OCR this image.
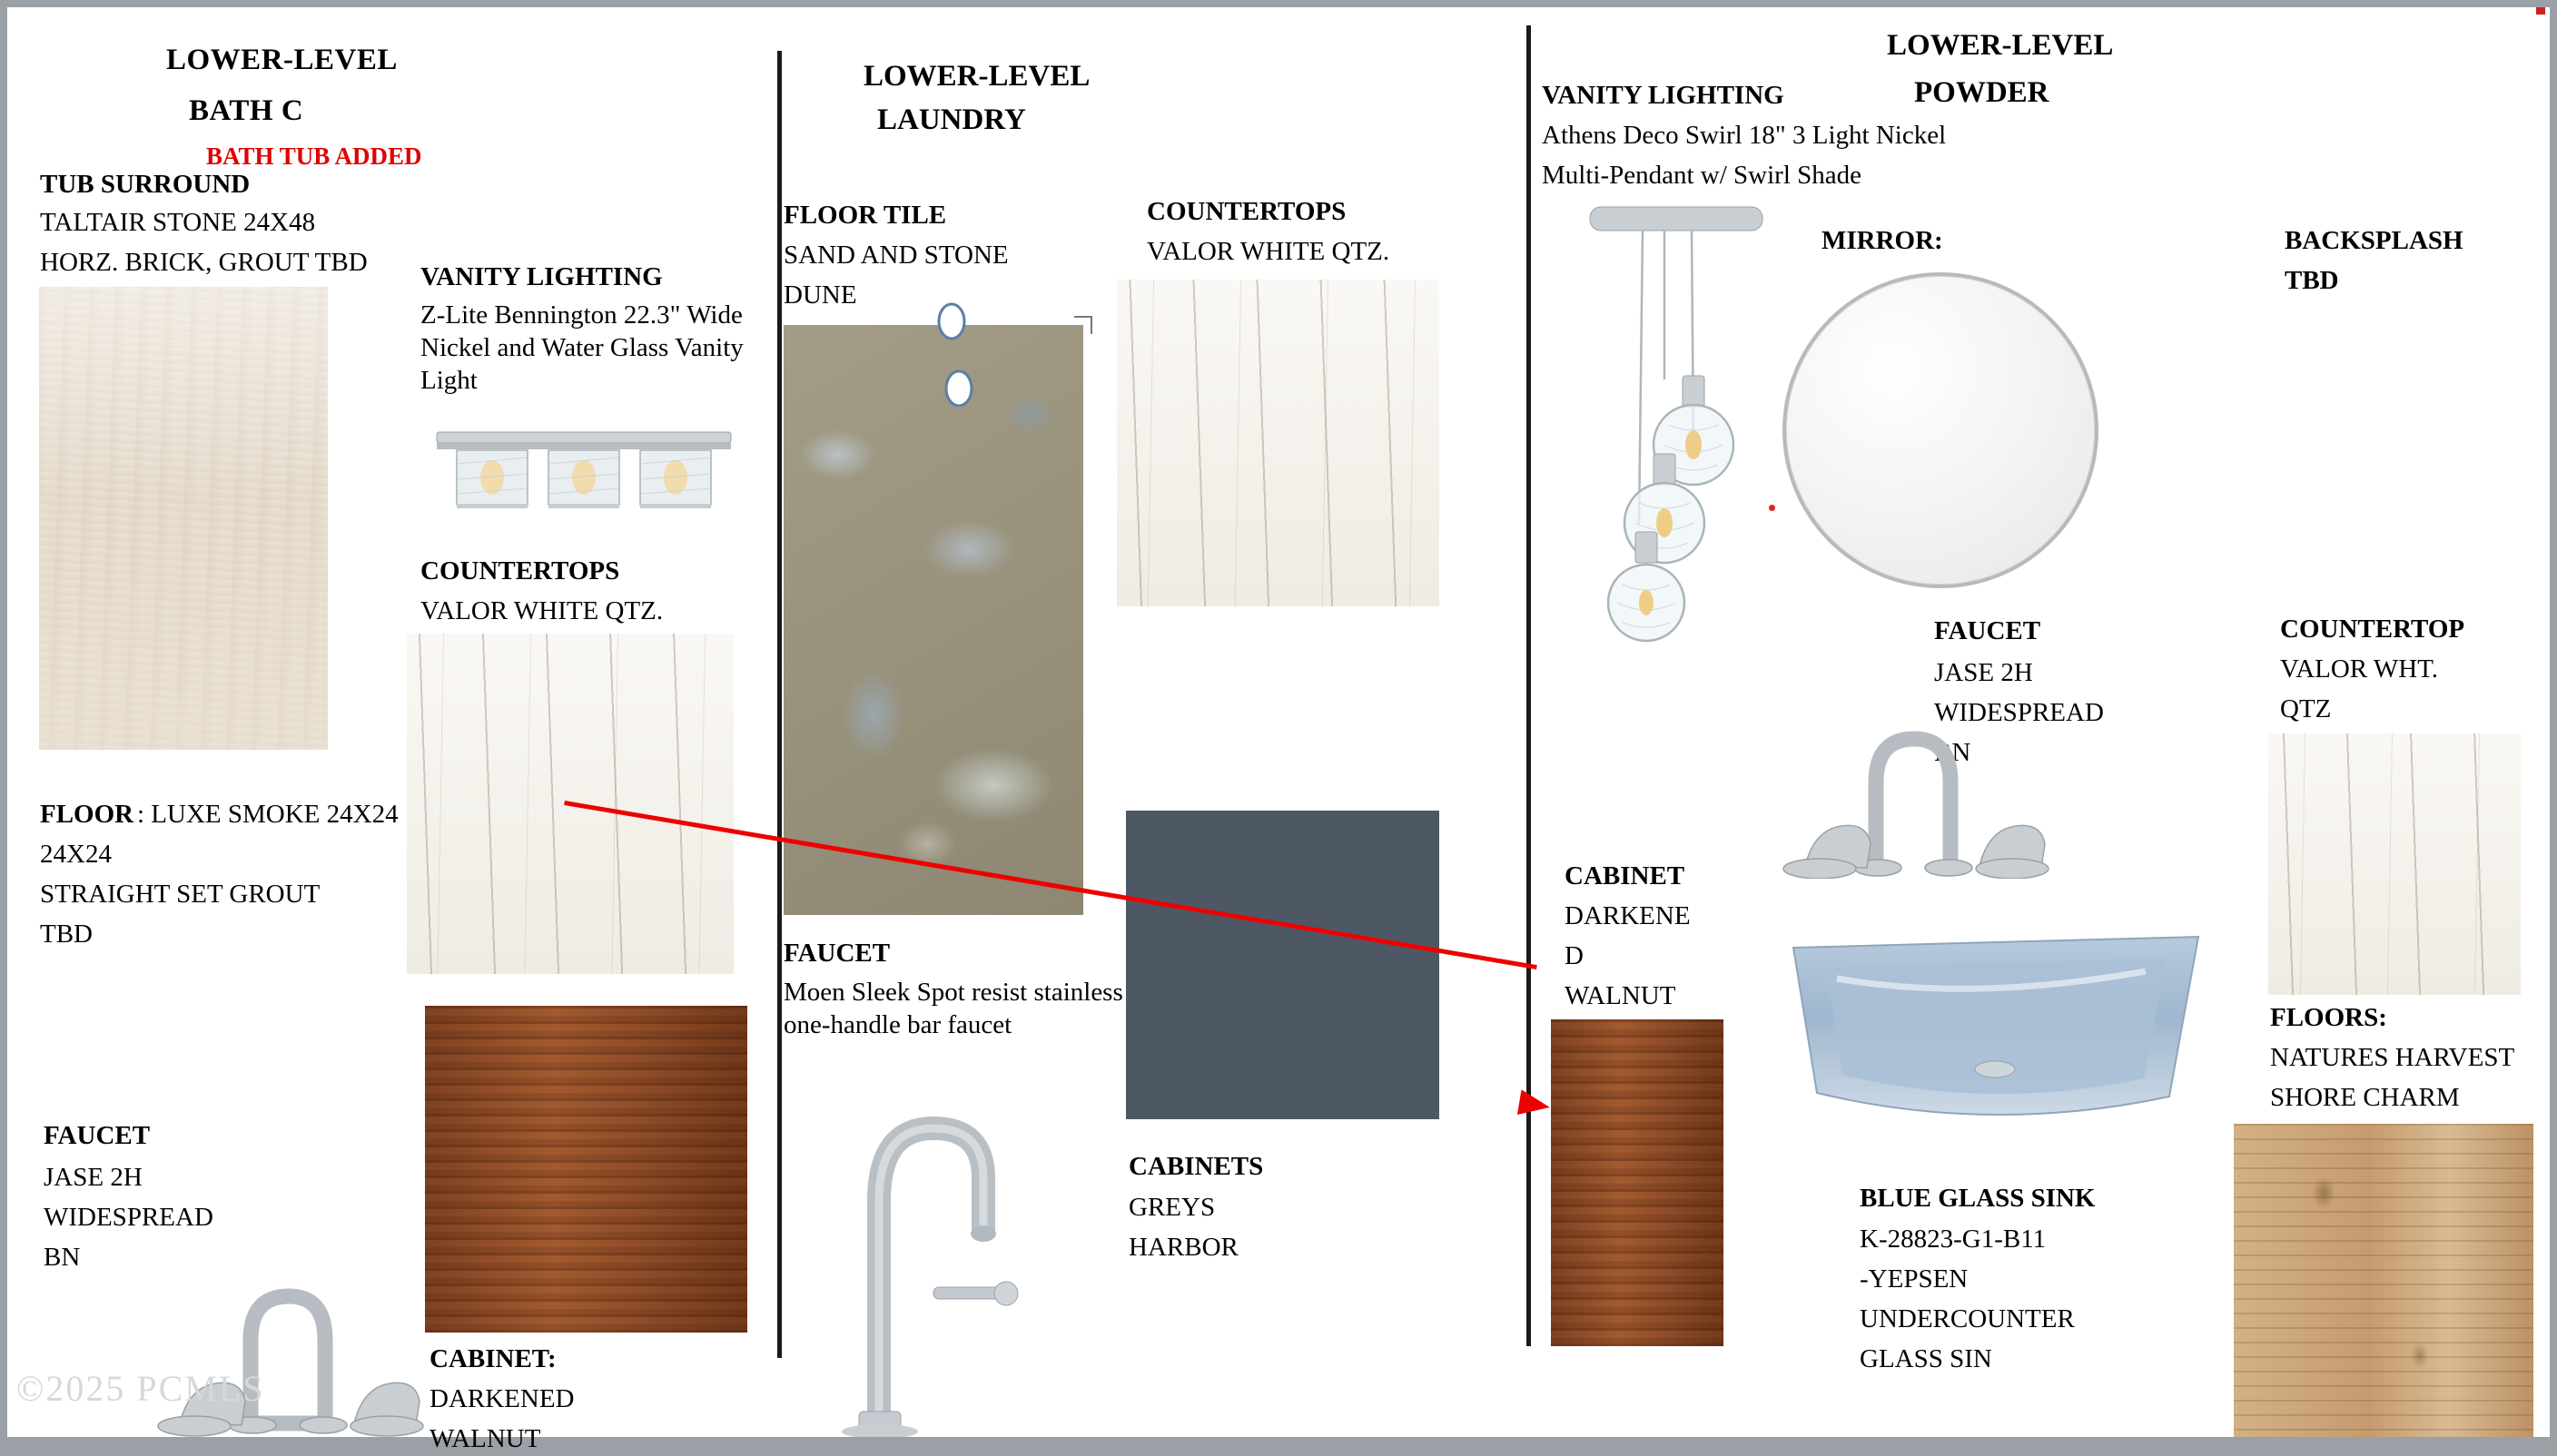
LOWER-LEVEL
BATH C
BATH TUB ADDED
TUB SURROUND
TALTAIR STONE 24X48
HORZ. BRICK, GROUT TBD VANITY LIGHTING
Z-Lite Bennington 22.3" Wide Nickel and Water Glass Vanity Light
COUNTERTOPS
VALOR WHITE QTZ.
FLOOR : LUXE SMOKE 24X24
24X24
STRAIGHT SET GROUT
TBD
FAUCET
JASE 2H
WIDESPREAD
BN
CABINET:
DARKENED
WALNUT
LOWER-LEVEL
LAUNDRY
FLOOR TILE
SAND AND STONE
DUNE
COUNTERTOPS
VALOR WHITE QTZ.
FAUCET
Moen Sleek Spot resist stainless one-handle bar faucet
CABINETS
GREYS
HARBOR
LOWER-LEVEL
POWDER
VANITY LIGHTING
Athens Deco Swirl 18" 3 Light Nickel
Multi-Pendant w/ Swirl Shade
MIRROR:	BACKSPLASH
TBD
FAUCET
JASE 2H
WIDESPREAD
BN
COUNTERTOP
VALOR WHT.
QTZ
CABINET
DARKENE
D
WALNUT
BLUE GLASS SINK
K-28823-G1-B11
-YEPSEN
UNDERCOUNTER
GLASS SIN
FLOORS:
NATURES HARVEST
SHORE CHARM
©2025 PCMLS
